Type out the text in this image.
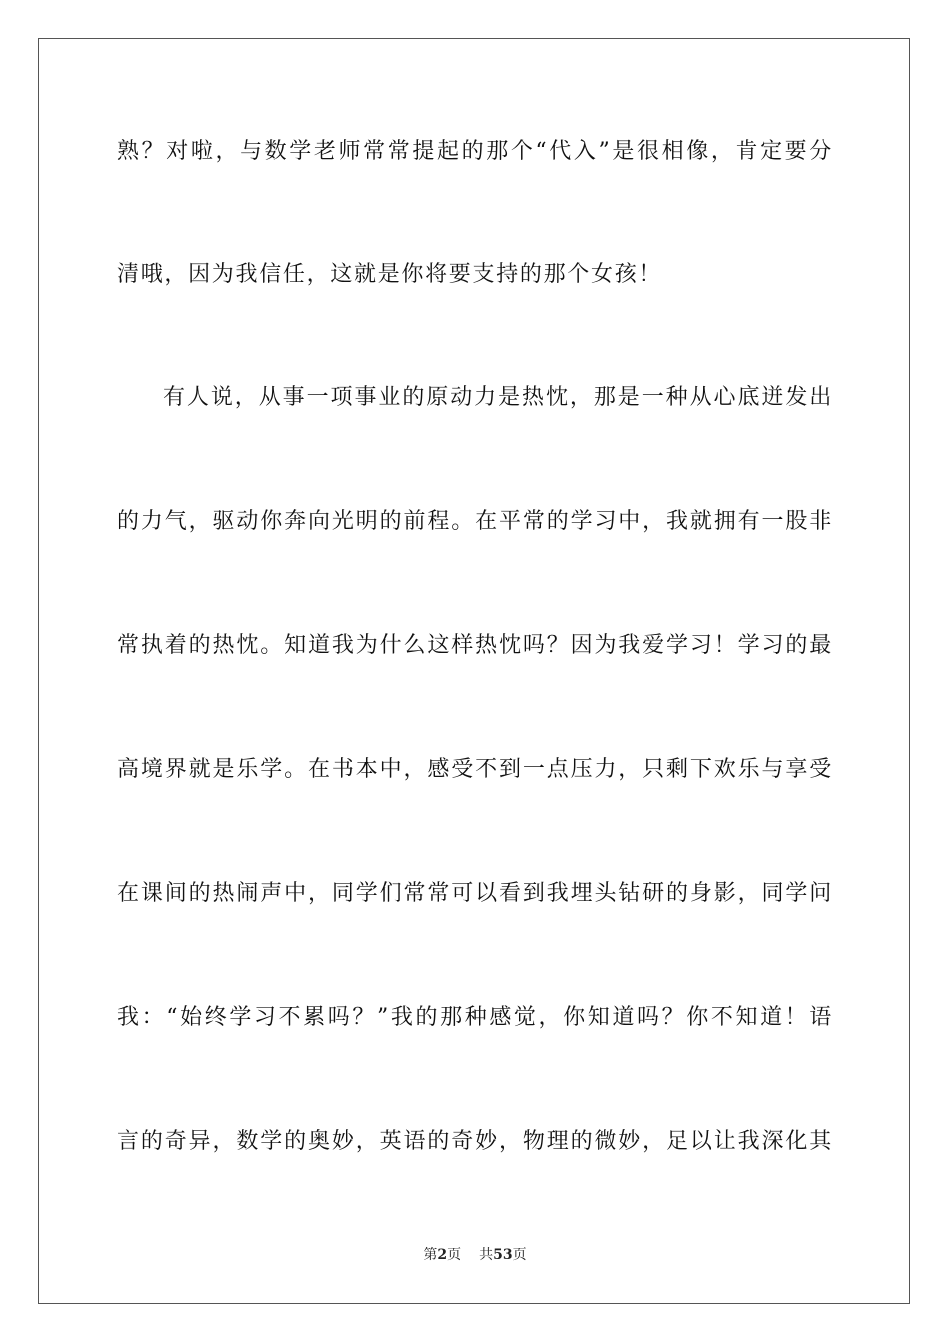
熟？对啦，与数学老师常常提起的那个“代入”是很相像，肯定要分
清哦，因为我信任，这就是你将要支持的那个女孩！
有人说，从事一项事业的原动力是热忱，那是一种从心底迸发出
的力气，驱动你奔向光明的前程。在平常的学习中，我就拥有一股非
常执着的热忱。知道我为什么这样热忱吗？因为我爱学习！学习的最
高境界就是乐学。在书本中，感受不到一点压力，只剩下欢乐与享受
在课间的热闹声中，同学们常常可以看到我埋头钻研的身影，同学问
我：“始终学习不累吗？”我的那种感觉，你知道吗？你不知道！语
言的奇异，数学的奥妙，英语的奇妙，物理的微妙，足以让我深化其
第2页 共53页
